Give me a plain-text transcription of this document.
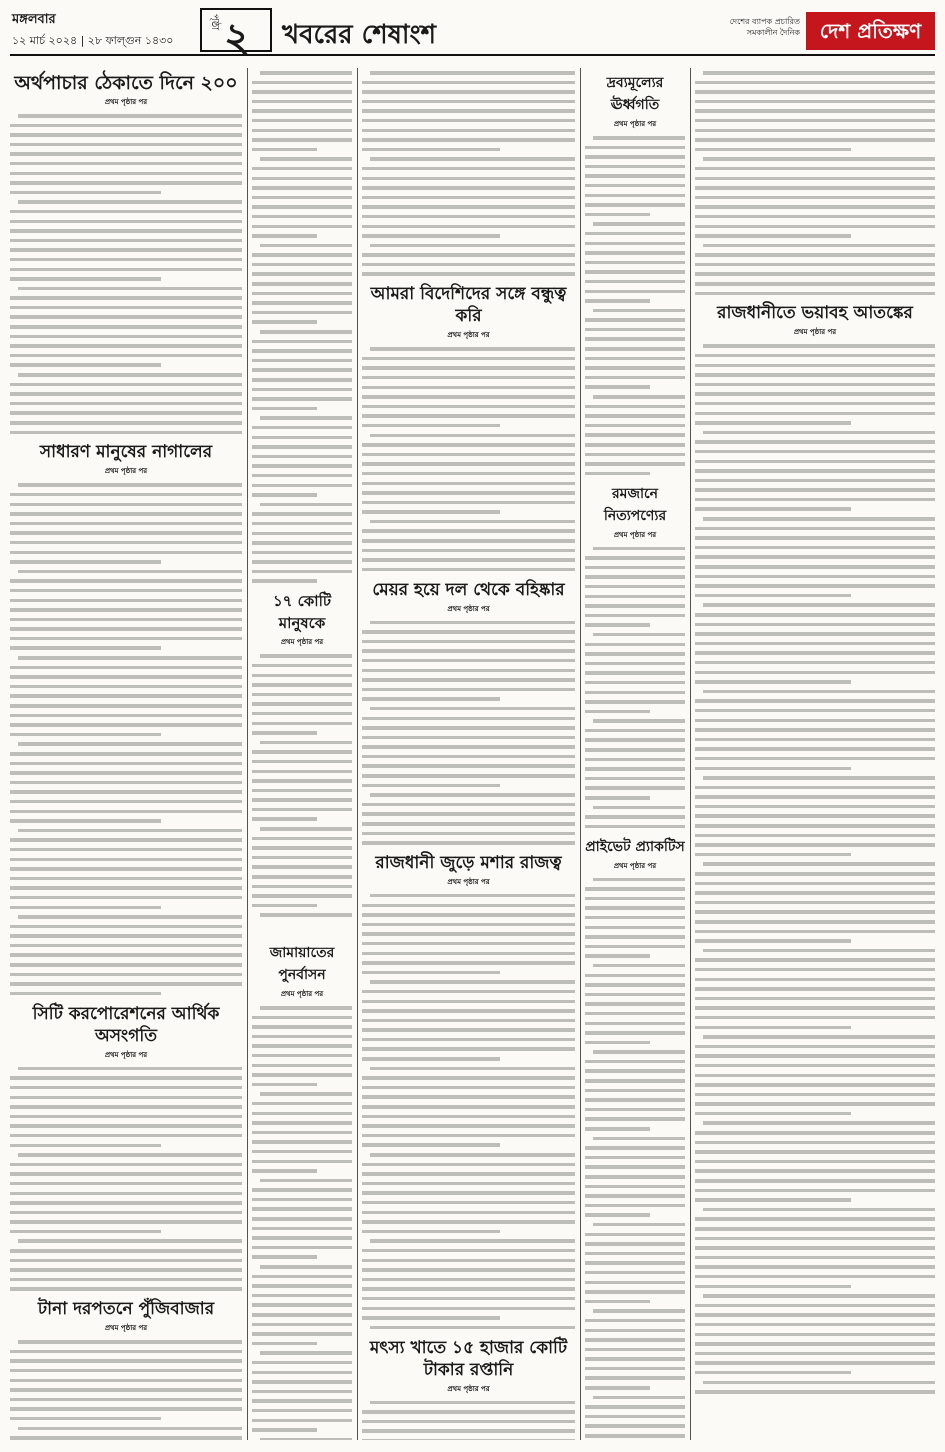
মঙ্গলবার
১২ মার্চ ২০২৪ | ২৮ ফাল্গুন ১৪৩০
পৃষ্ঠা ২ খবরের শেষাংশ	দেশের ব্যাপক প্রচারিত সমকালীন দৈনিক দেশ প্রতিক্ষণ
অর্থপাচার ঠেকাতে দিনে ২০০
প্রথম পৃষ্ঠার পর
সাধারণ মানুষের নাগালের
প্রথম পৃষ্ঠার পর
সিটি করপোরেশনের আর্থিক অসংগতি
প্রথম পৃষ্ঠার পর
টানা দরপতনে পুঁজিবাজার
প্রথম পৃষ্ঠার পর
১৭ কোটি মানুষকে
প্রথম পৃষ্ঠার পর
জামায়াতের পুনর্বাসন
প্রথম পৃষ্ঠার পর
আমরা বিদেশিদের সঙ্গে বন্ধুত্ব করি
প্রথম পৃষ্ঠার পর
মেয়র হয়ে দল থেকে বহিষ্কার
প্রথম পৃষ্ঠার পর
রাজধানী জুড়ে মশার রাজত্ব
প্রথম পৃষ্ঠার পর
মৎস্য খাতে ১৫ হাজার কোটি টাকার রপ্তানি
প্রথম পৃষ্ঠার পর
দ্রব্যমূল্যের ঊর্ধ্বগতি
প্রথম পৃষ্ঠার পর
রমজানে নিত্যপণ্যের
প্রথম পৃষ্ঠার পর
প্রাইভেট প্র্যাকটিস
প্রথম পৃষ্ঠার পর
রাজধানীতে ভয়াবহ আতঙ্কের
প্রথম পৃষ্ঠার পর
